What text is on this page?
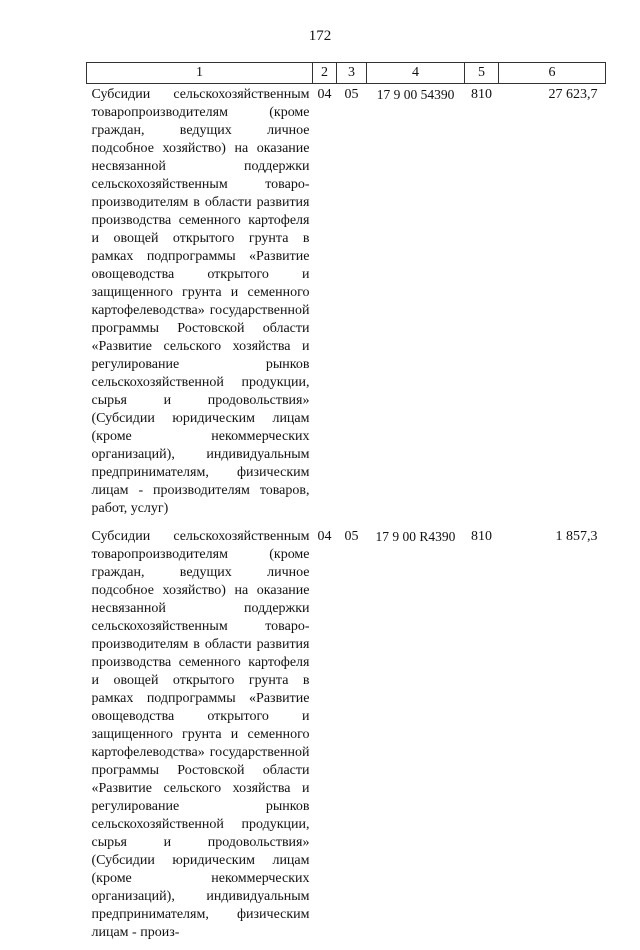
172
1	2	3	4	5	6
Субсидии сельскохозяйственным товаропроизводителям (кроме граждан, ведущих личное подсобное хозяйство) на оказание несвязанной поддержки сельскохозяйственным товаропроизводителям в области развития производства семенного картофеля и овощей открытого грунта в рамках подпрограммы «Развитие овощеводства открытого и защищенного грунта и семенного картофелеводства» государственной программы Ростовской области «Развитие сельского хозяйства и регулирование рынков сельскохозяйственной продукции, сырья и продовольствия» (Субсидии юридическим лицам (кроме некоммерческих организаций), индивидуальным предпринимателям, физическим лицам - производителям товаров, работ, услуг)	04	05	17 9 00 54390	810	27 623,7
Субсидии сельскохозяйственным товаропроизводителям (кроме граждан, ведущих личное подсобное хозяйство) на оказание несвязанной поддержки сельскохозяйственным товаропроизводителям в области развития производства семенного картофеля и овощей открытого грунта в рамках подпрограммы «Развитие овощеводства открытого и защищенного грунта и семенного картофелеводства» государственной программы Ростовской области «Развитие сельского хозяйства и регулирование рынков сельскохозяйственной продукции, сырья и продовольствия» (Субсидии юридическим лицам (кроме некоммерческих организаций), индивидуальным предпринимателям, физическим лицам - произ-	04	05	17 9 00 R4390	810	1 857,3
